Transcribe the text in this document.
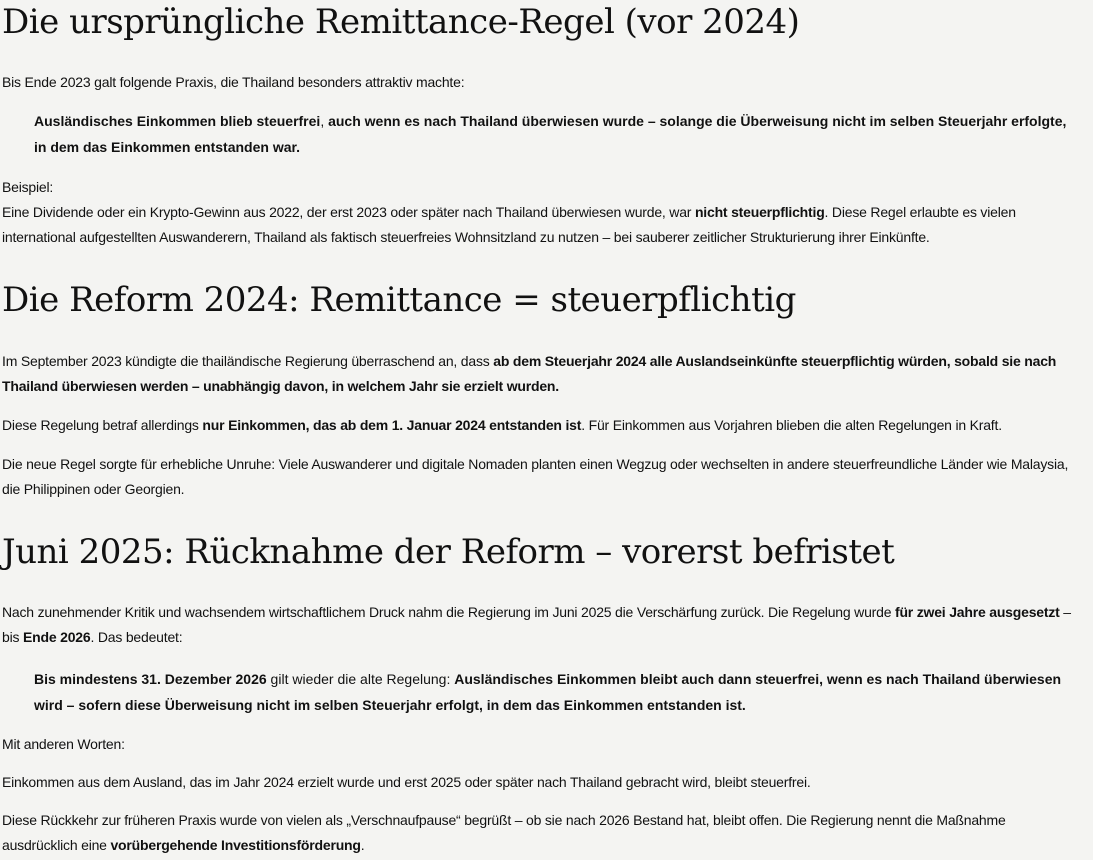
Die ursprüngliche Remittance-Regel (vor 2024)

Bis Ende 2023 galt folgende Praxis, die Thailand besonders attraktiv machte:

Ausländisches Einkommen blieb steuerfrei, auch wenn es nach Thailand überwiesen wurde – solange die Überweisung nicht im selben Steuerjahr erfolgte, in dem das Einkommen entstanden war.

Beispiel:
Eine Dividende oder ein Krypto-Gewinn aus 2022, der erst 2023 oder später nach Thailand überwiesen wurde, war nicht steuerpflichtig. Diese Regel erlaubte es vielen international aufgestellten Auswanderern, Thailand als faktisch steuerfreies Wohnsitzland zu nutzen – bei sauberer zeitlicher Strukturierung ihrer Einkünfte.

Die Reform 2024: Remittance = steuerpflichtig

Im September 2023 kündigte die thailändische Regierung überraschend an, dass ab dem Steuerjahr 2024 alle Auslandseinkünfte steuerpflichtig würden, sobald sie nach Thailand überwiesen werden – unabhängig davon, in welchem Jahr sie erzielt wurden.

Diese Regelung betraf allerdings nur Einkommen, das ab dem 1. Januar 2024 entstanden ist. Für Einkommen aus Vorjahren blieben die alten Regelungen in Kraft.

Die neue Regel sorgte für erhebliche Unruhe: Viele Auswanderer und digitale Nomaden planten einen Wegzug oder wechselten in andere steuerfreundliche Länder wie Malaysia, die Philippinen oder Georgien.

Juni 2025: Rücknahme der Reform – vorerst befristet

Nach zunehmender Kritik und wachsendem wirtschaftlichem Druck nahm die Regierung im Juni 2025 die Verschärfung zurück. Die Regelung wurde für zwei Jahre ausgesetzt – bis Ende 2026. Das bedeutet:

Bis mindestens 31. Dezember 2026 gilt wieder die alte Regelung: Ausländisches Einkommen bleibt auch dann steuerfrei, wenn es nach Thailand überwiesen wird – sofern diese Überweisung nicht im selben Steuerjahr erfolgt, in dem das Einkommen entstanden ist.

Mit anderen Worten:

Einkommen aus dem Ausland, das im Jahr 2024 erzielt wurde und erst 2025 oder später nach Thailand gebracht wird, bleibt steuerfrei.

Diese Rückkehr zur früheren Praxis wurde von vielen als „Verschnaufpause“ begrüßt – ob sie nach 2026 Bestand hat, bleibt offen. Die Regierung nennt die Maßnahme ausdrücklich eine vorübergehende Investitionsförderung.
